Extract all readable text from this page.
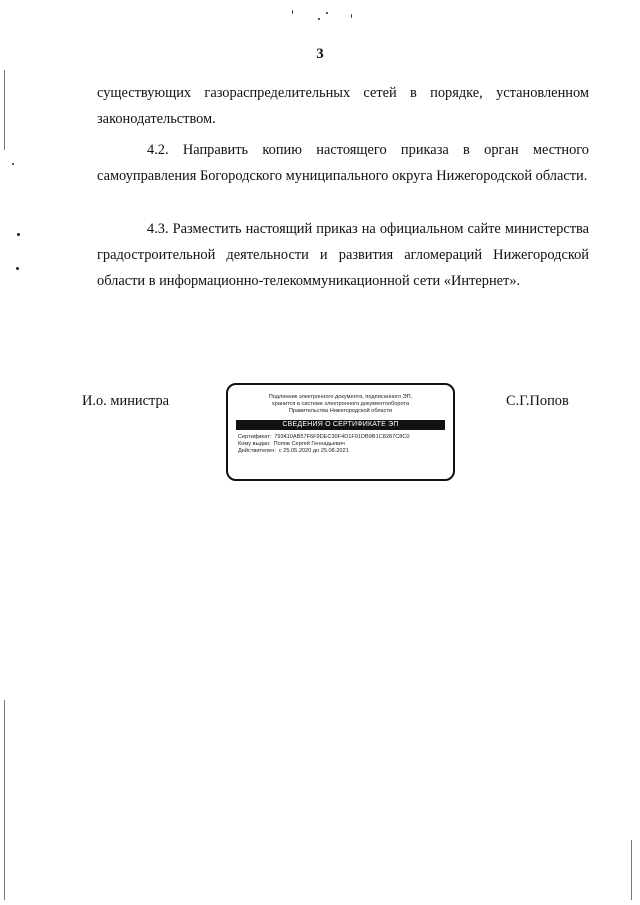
3

существующих газораспределительных сетей в порядке, установленном законодательством.

4.2. Направить копию настоящего приказа в орган местного самоуправления Богородского муниципального округа Нижегородской области.

4.3. Разместить настоящий приказ на официальном сайте министерства градостроительной деятельности и развития агломераций Нижегородской области в информационно-телекоммуникационной сети «Интернет».

И.о. министра	Подлинник электронного документа, подписанного ЭП,
хранится в системе электронного документооборота
Правительства Нижегородской области
СВЕДЕНИЯ О СЕРТИФИКАТЕ ЭП
Сертификат: 793410AB57F6F9DEC30F4D1F91DB9B1C8287C8C0
Кому выдан: Попов Сергей Геннадьевич
Действителен: с 25.05.2020 до 25.08.2021
С.Г.Попов
